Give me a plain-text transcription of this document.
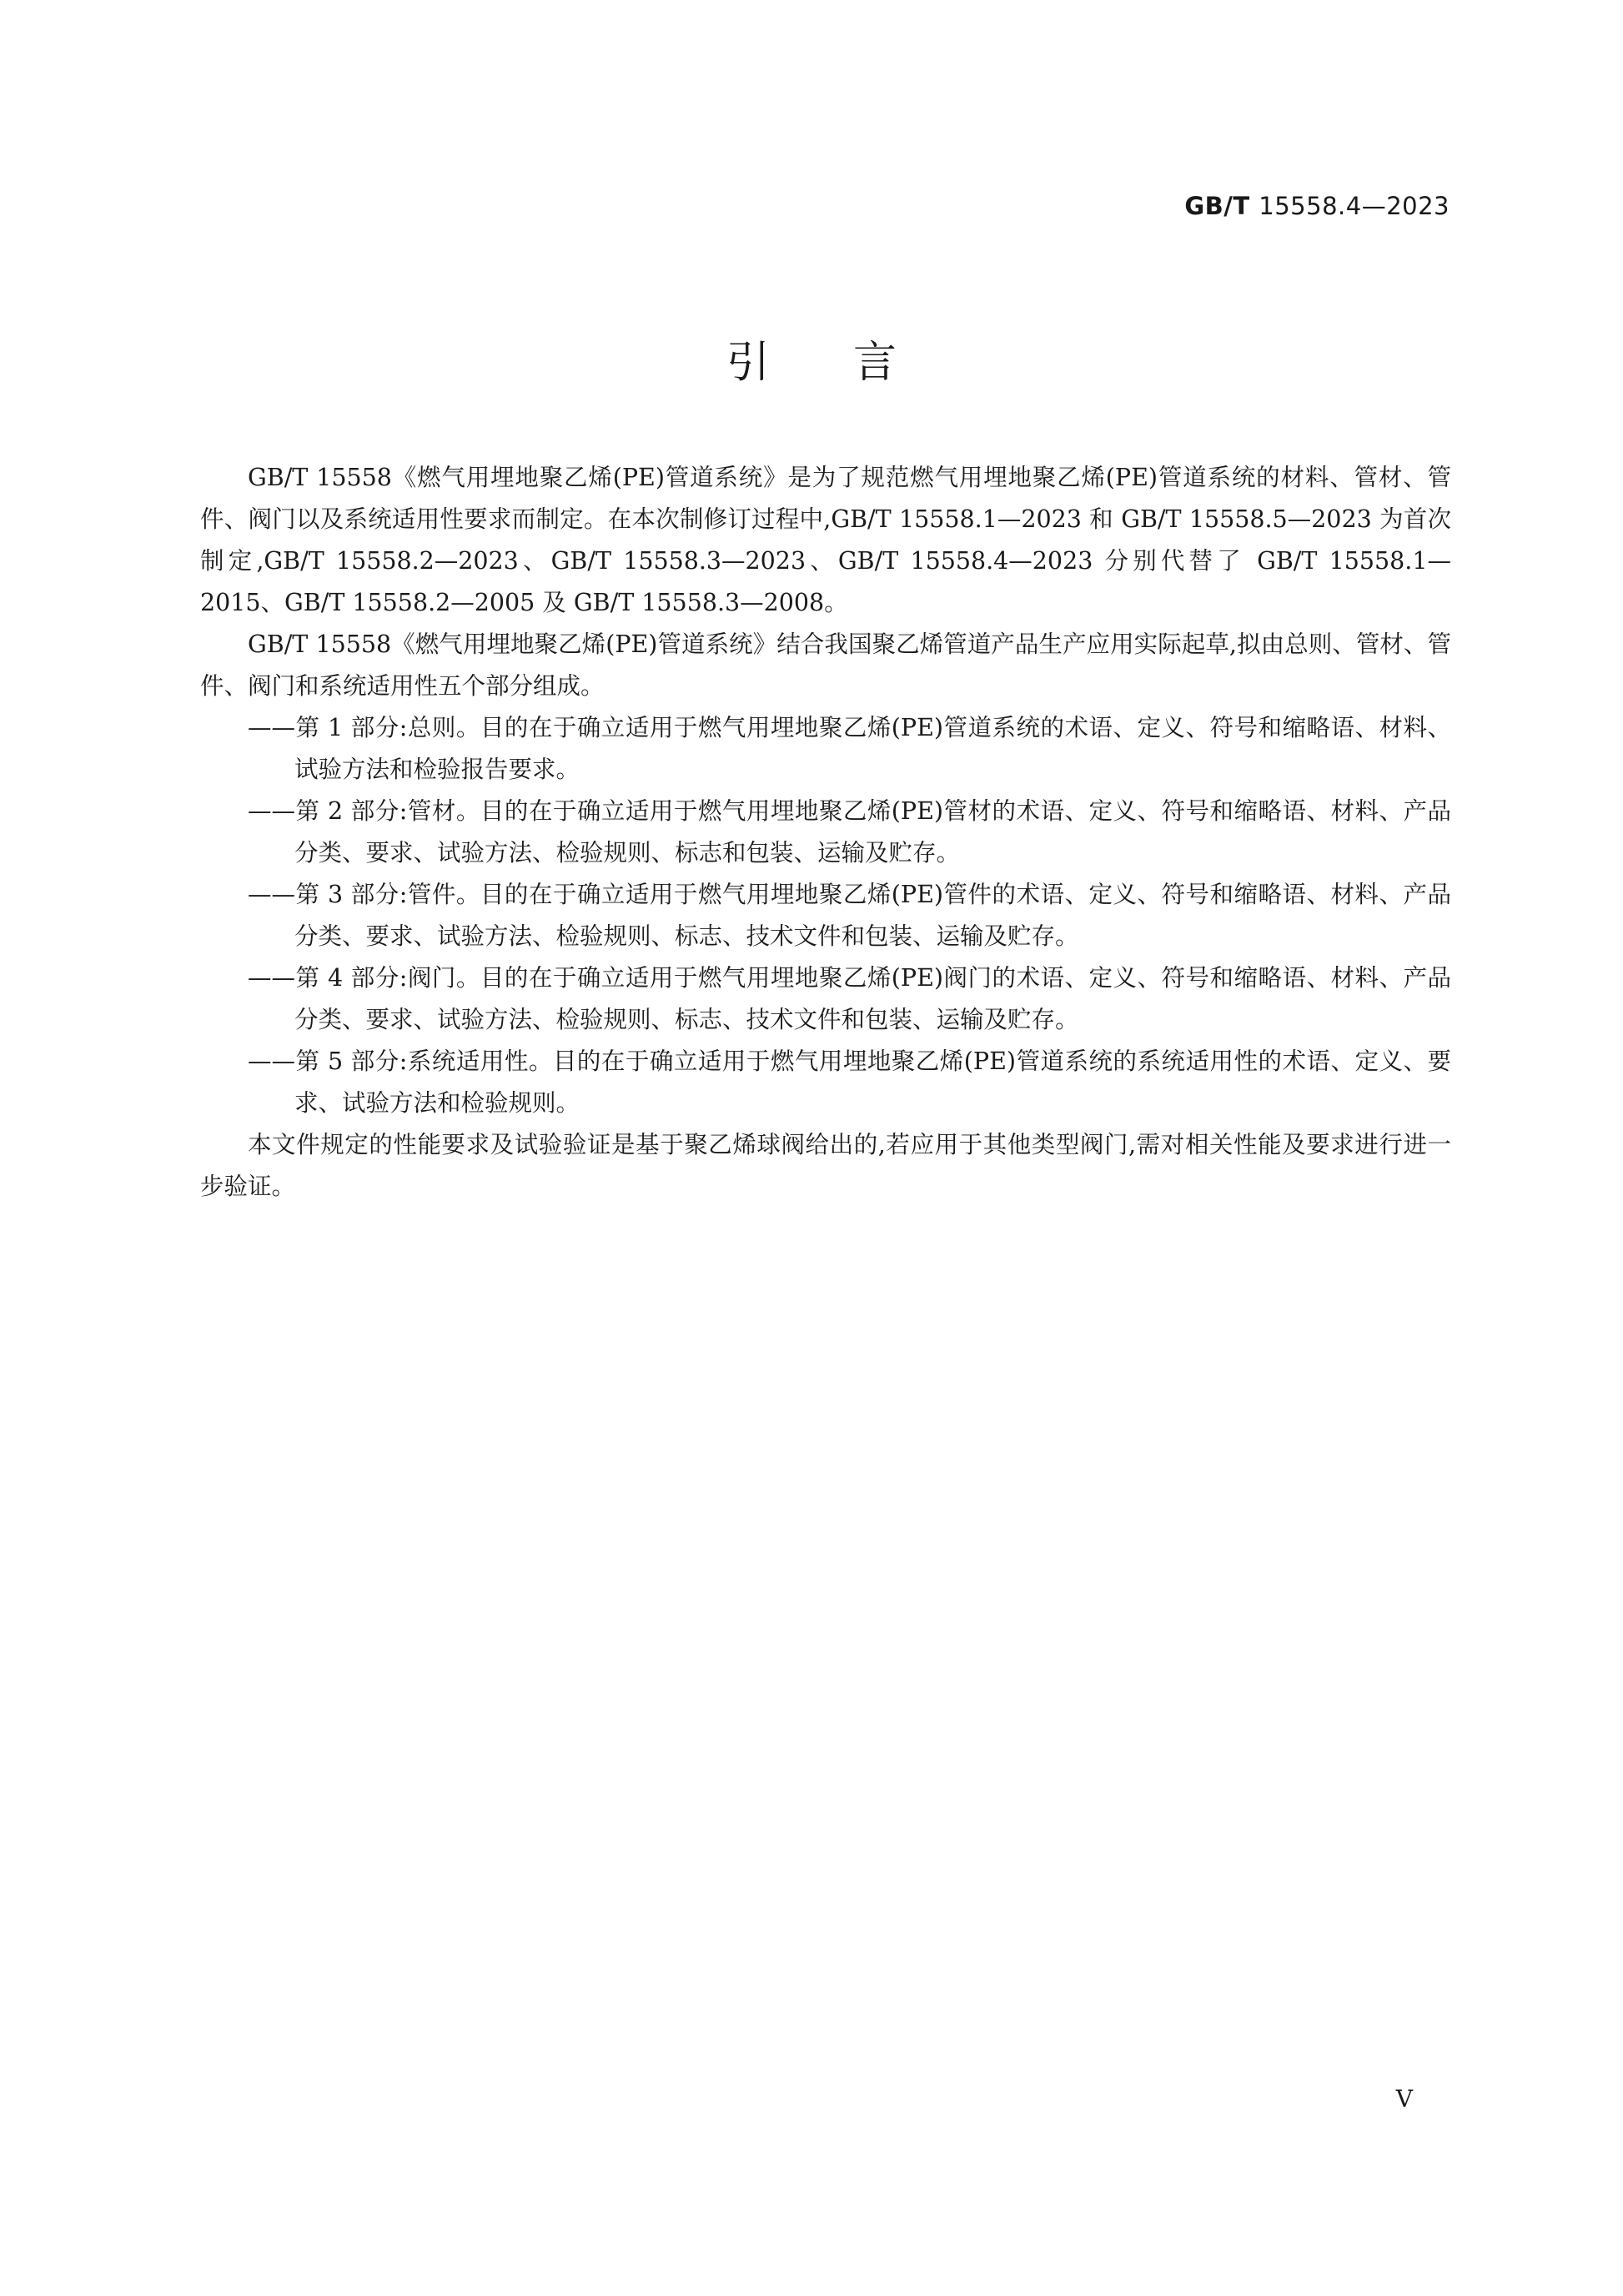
GB/T 15558.4—2023
引言

GB/T 15558《燃气用埋地聚乙烯(PE)管道系统》是为了规范燃气用埋地聚乙烯(PE)管道系统的材料、管材、管件、阀门以及系统适用性要求而制定。在本次制修订过程中,GB/T 15558.1—2023 和 GB/T 15558.5—2023 为首次制定,GB/T 15558.2—2023、GB/T 15558.3—2023、GB/T 15558.4—2023 分别代替了 GB/T 15558.1—2015、GB/T 15558.2—2005 及 GB/T 15558.3—2008。

GB/T 15558《燃气用埋地聚乙烯(PE)管道系统》结合我国聚乙烯管道产品生产应用实际起草,拟由总则、管材、管件、阀门和系统适用性五个部分组成。

——第 1 部分:总则。目的在于确立适用于燃气用埋地聚乙烯(PE)管道系统的术语、定义、符号和缩略语、材料、试验方法和检验报告要求。

——第 2 部分:管材。目的在于确立适用于燃气用埋地聚乙烯(PE)管材的术语、定义、符号和缩略语、材料、产品分类、要求、试验方法、检验规则、标志和包装、运输及贮存。

——第 3 部分:管件。目的在于确立适用于燃气用埋地聚乙烯(PE)管件的术语、定义、符号和缩略语、材料、产品分类、要求、试验方法、检验规则、标志、技术文件和包装、运输及贮存。

——第 4 部分:阀门。目的在于确立适用于燃气用埋地聚乙烯(PE)阀门的术语、定义、符号和缩略语、材料、产品分类、要求、试验方法、检验规则、标志、技术文件和包装、运输及贮存。

——第 5 部分:系统适用性。目的在于确立适用于燃气用埋地聚乙烯(PE)管道系统的系统适用性的术语、定义、要求、试验方法和检验规则。

本文件规定的性能要求及试验验证是基于聚乙烯球阀给出的,若应用于其他类型阀门,需对相关性能及要求进行进一步验证。

V
